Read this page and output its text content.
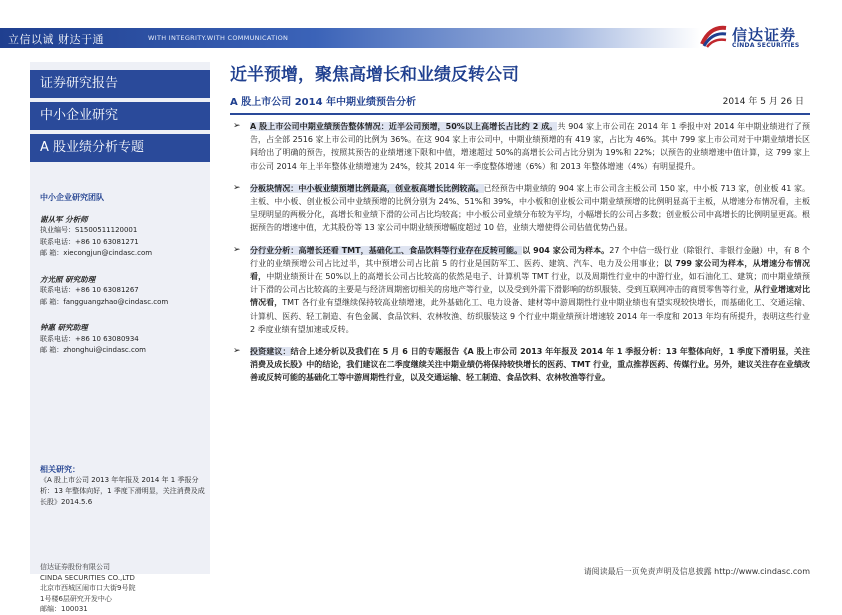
立信以诚 财达于通	WITH INTEGRITY.WITH COMMUNICATION	信达证券
CINDA SECURITIES
证券研究报告
中小企业研究
A 股业绩分析专题
中小企业研究团队
谢从军 分析师
执业编号：S1500511120001
联系电话：+86 10 63081271
邮 箱：xiecongjun@cindasc.com
方光照 研究助理
联系电话：+86 10 63081267
邮 箱：fangguangzhao@cindasc.com
钟惠 研究助理
联系电话：+86 10 63080934
邮 箱：zhonghui@cindasc.com
相关研究：
《A 股上市公司 2013 年年报及 2014 年 1 季报分析：13 年整体向好，1 季度下滑明显，关注消费及成长股》2014.5.6
信达证券股份有限公司
CINDA SECURITIES CO.,LTD
北京市西城区闹市口大街9号院
1号楼6层研究开发中心
邮编：100031
近半预增，聚焦高增长和业绩反转公司
A 股上市公司 2014 年中期业绩预告分析	2014 年 5 月 26 日
➢ A 股上市公司中期业绩预告整体情况：近半公司预增，50%以上高增长占比约 2 成。共 904 家上市公司在 2014 年 1 季报中对 2014 年中期业绩进行了预告，占全部 2516 家上市公司的比例为 36%。在这 904 家上市公司中，中期业绩预增的有 419 家，占比为 46%。其中 799 家上市公司对于中期业绩增长区间给出了明确的预告，按照其预告的业绩增速下限和中值，增速超过 50%的高增长公司占比分别为 19%和 22%；以预告的业绩增速中值计算，这 799 家上市公司 2014 年上半年整体业绩增速为 24%，较其 2014 年一季度整体增速（6%）和 2013 年整体增速（4%）有明显提升。
➢ 分板块情况：中小板业绩预增比例最高，创业板高增长比例较高。已经预告中期业绩的 904 家上市公司含主板公司 150 家，中小板 713 家，创业板 41 家。主板、中小板、创业板公司中业绩预增的比例分别为 24%、51%和 39%，中小板和创业板公司中期业绩预增的比例明显高于主板，从增速分布情况看，主板呈现明显的两极分化，高增长和业绩下滑的公司占比均较高；中小板公司业绩分布较为平均，小幅增长的公司占多数；创业板公司中高增长的比例明显更高。根据预告的增速中值，尤其股份等 13 家公司中期业绩预增幅度超过 10 倍，业绩大增使得公司估值优势凸显。
➢ 分行业分析：高增长还看 TMT，基础化工、食品饮料等行业存在反转可能。以 904 家公司为样本。27 个中信一级行业（除银行、非银行金融）中，有 8 个行业的业绩预增公司占比过半，其中预增公司占比前 5 的行业是国防军工、医药、建筑、汽车、电力及公用事业；以 799 家公司为样本，从增速分布情况看，中期业绩预计在 50%以上的高增长公司占比较高的依然是电子、计算机等 TMT 行业，以及周期性行业中的中游行业，如石油化工、建筑；而中期业绩预计下滑的公司占比较高的主要是与经济周期密切相关的房地产等行业，以及受到外需下滑影响的纺织服装、受到互联网冲击的商贸零售等行业，从行业增速对比情况看，TMT 各行业有望继续保持较高业绩增速，此外基础化工、电力设备、建材等中游周期性行业中期业绩也有望实现较快增长，而基础化工、交通运输、计算机、医药、轻工制造、有色金属、食品饮料、农林牧渔、纺织服装这 9 个行业中期业绩预计增速较 2014 年一季度和 2013 年均有所提升，表明这些行业 2 季度业绩有望加速或反转。
➢ 投资建议：结合上述分析以及我们在 5 月 6 日的专题报告《A 股上市公司 2013 年年报及 2014 年 1 季报分析：13 年整体向好，1 季度下滑明显，关注消费及成长股》中的结论，我们建议在二季度继续关注中期业绩仍将保持较快增长的医药、TMT 行业，重点推荐医药、传媒行业。另外，建议关注存在业绩改善或反转可能的基础化工等中游周期性行业，以及交通运输、轻工制造、食品饮料、农林牧渔等行业。
请阅读最后一页免责声明及信息披露 http://www.cindasc.com
